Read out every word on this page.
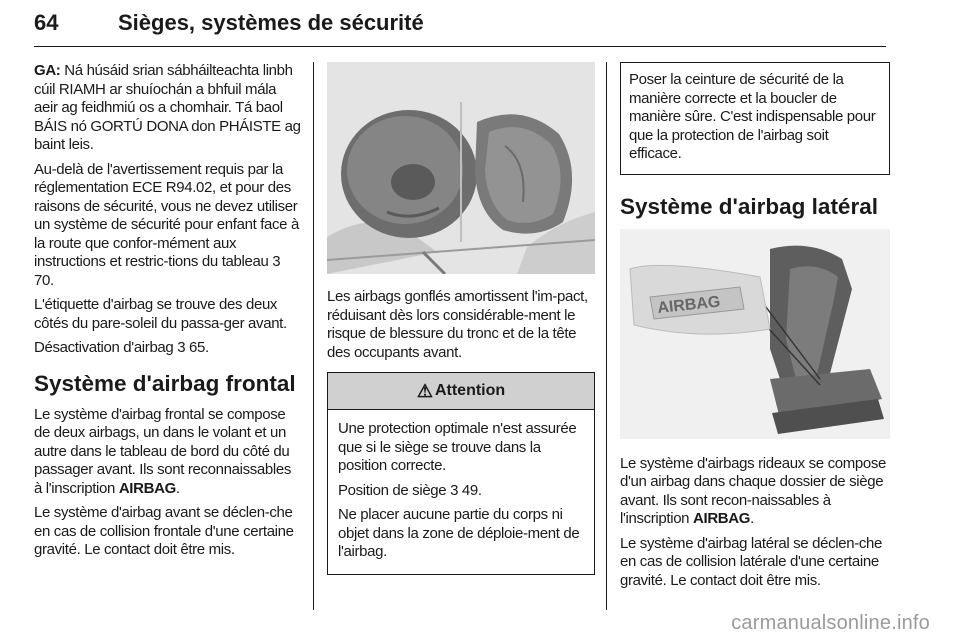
64	Sièges, systèmes de sécurité

GA: Ná húsáid srian sábháilteachta linbh cúil RIAMH ar shuíochán a bhfuil mála aeir ag feidhmiú os a chomhair. Tá baol BÁIS nó GORTÚ DONA don PHÁISTE ag baint leis.

Au-delà de l'avertissement requis par la réglementation ECE R94.02, et pour des raisons de sécurité, vous ne devez utiliser un système de sécurité pour enfant face à la route que confor-mément aux instructions et restric-tions du tableau 3 70.

L'étiquette d'airbag se trouve des deux côtés du pare-soleil du passa-ger avant.

Désactivation d'airbag 3 65.

Système d'airbag frontal

Le système d'airbag frontal se compose de deux airbags, un dans le volant et un autre dans le tableau de bord du côté du passager avant. Ils sont reconnaissables à l'inscription AIRBAG.

Le système d'airbag avant se déclen-che en cas de collision frontale d'une certaine gravité. Le contact doit être mis.

Les airbags gonflés amortissent l'im-pact, réduisant dès lors considérable-ment le risque de blessure du tronc et de la tête des occupants avant.

⚠ Attention

Une protection optimale n'est assurée que si le siège se trouve dans la position correcte.

Position de siège 3 49.

Ne placer aucune partie du corps ni objet dans la zone de déploie-ment de l'airbag.

Poser la ceinture de sécurité de la manière correcte et la boucler de manière sûre. C'est indispensable pour que la protection de l'airbag soit efficace.

Système d'airbag latéral
AIRBAG

Le système d'airbags rideaux se compose d'un airbag dans chaque dossier de siège avant. Ils sont recon-naissables à l'inscription AIRBAG.

Le système d'airbag latéral se déclen-che en cas de collision latérale d'une certaine gravité. Le contact doit être mis.

carmanualsonline.info
